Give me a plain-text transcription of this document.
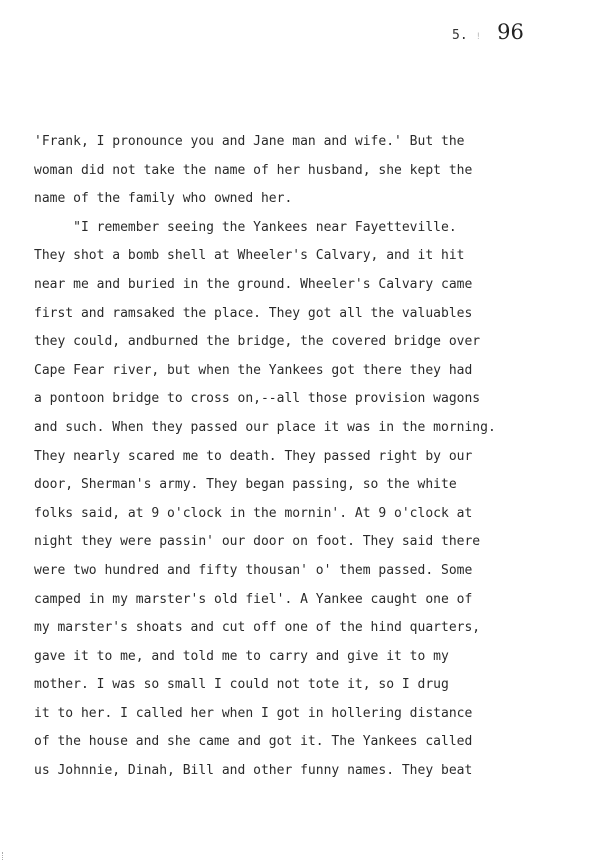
5. ! 96
'Frank, I pronounce you and Jane man and wife.' But the
woman did not take the name of her husband, she kept the
name of the family who owned her.
"I remember seeing the Yankees near Fayetteville.
They shot a bomb shell at Wheeler's Calvary, and it hit
near me and buried in the ground. Wheeler's Calvary came
first and ramsaked the place. They got all the valuables
they could, andburned the bridge, the covered bridge over
Cape Fear river, but when the Yankees got there they had
a pontoon bridge to cross on,--all those provision wagons
and such. When they passed our place it was in the morning.
They nearly scared me to death. They passed right by our
door, Sherman's army. They began passing, so the white
folks said, at 9 o'clock in the mornin'. At 9 o'clock at
night they were passin' our door on foot. They said there
were two hundred and fifty thousan' o' them passed. Some
camped in my marster's old fiel'. A Yankee caught one of
my marster's shoats and cut off one of the hind quarters,
gave it to me, and told me to carry and give it to my
mother. I was so small I could not tote it, so I drug
it to her. I called her when I got in hollering distance
of the house and she came and got it. The Yankees called
us Johnnie, Dinah, Bill and other funny names. They beat
